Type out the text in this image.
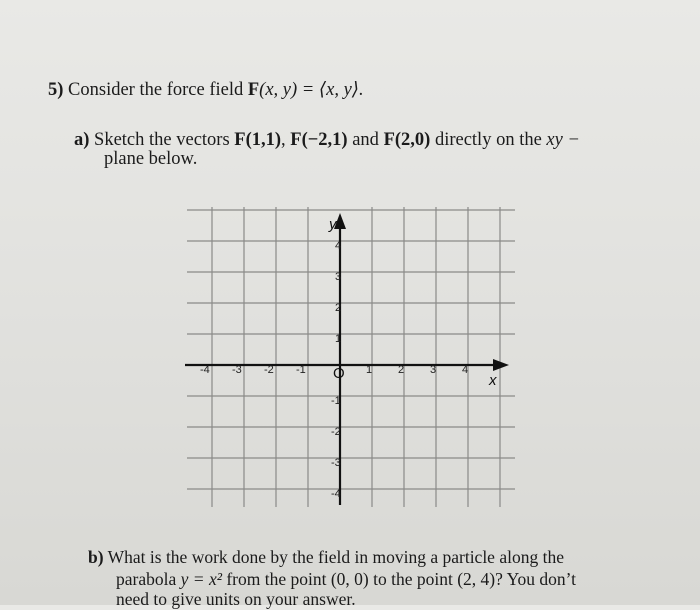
5) Consider the force field F(x, y) = ⟨x, y⟩.
a) Sketch the vectors F(1,1), F(−2,1) and F(2,0) directly on the xy −
plane below.
-4 -3 -2 -1	1 2 3 4
4
3
2
1
-1
-2
-3
-4
O	x
y
b) What is the work done by the field in moving a particle along the
parabola y = x² from the point (0, 0) to the point (2, 4)? You don’t
need to give units on your answer.
